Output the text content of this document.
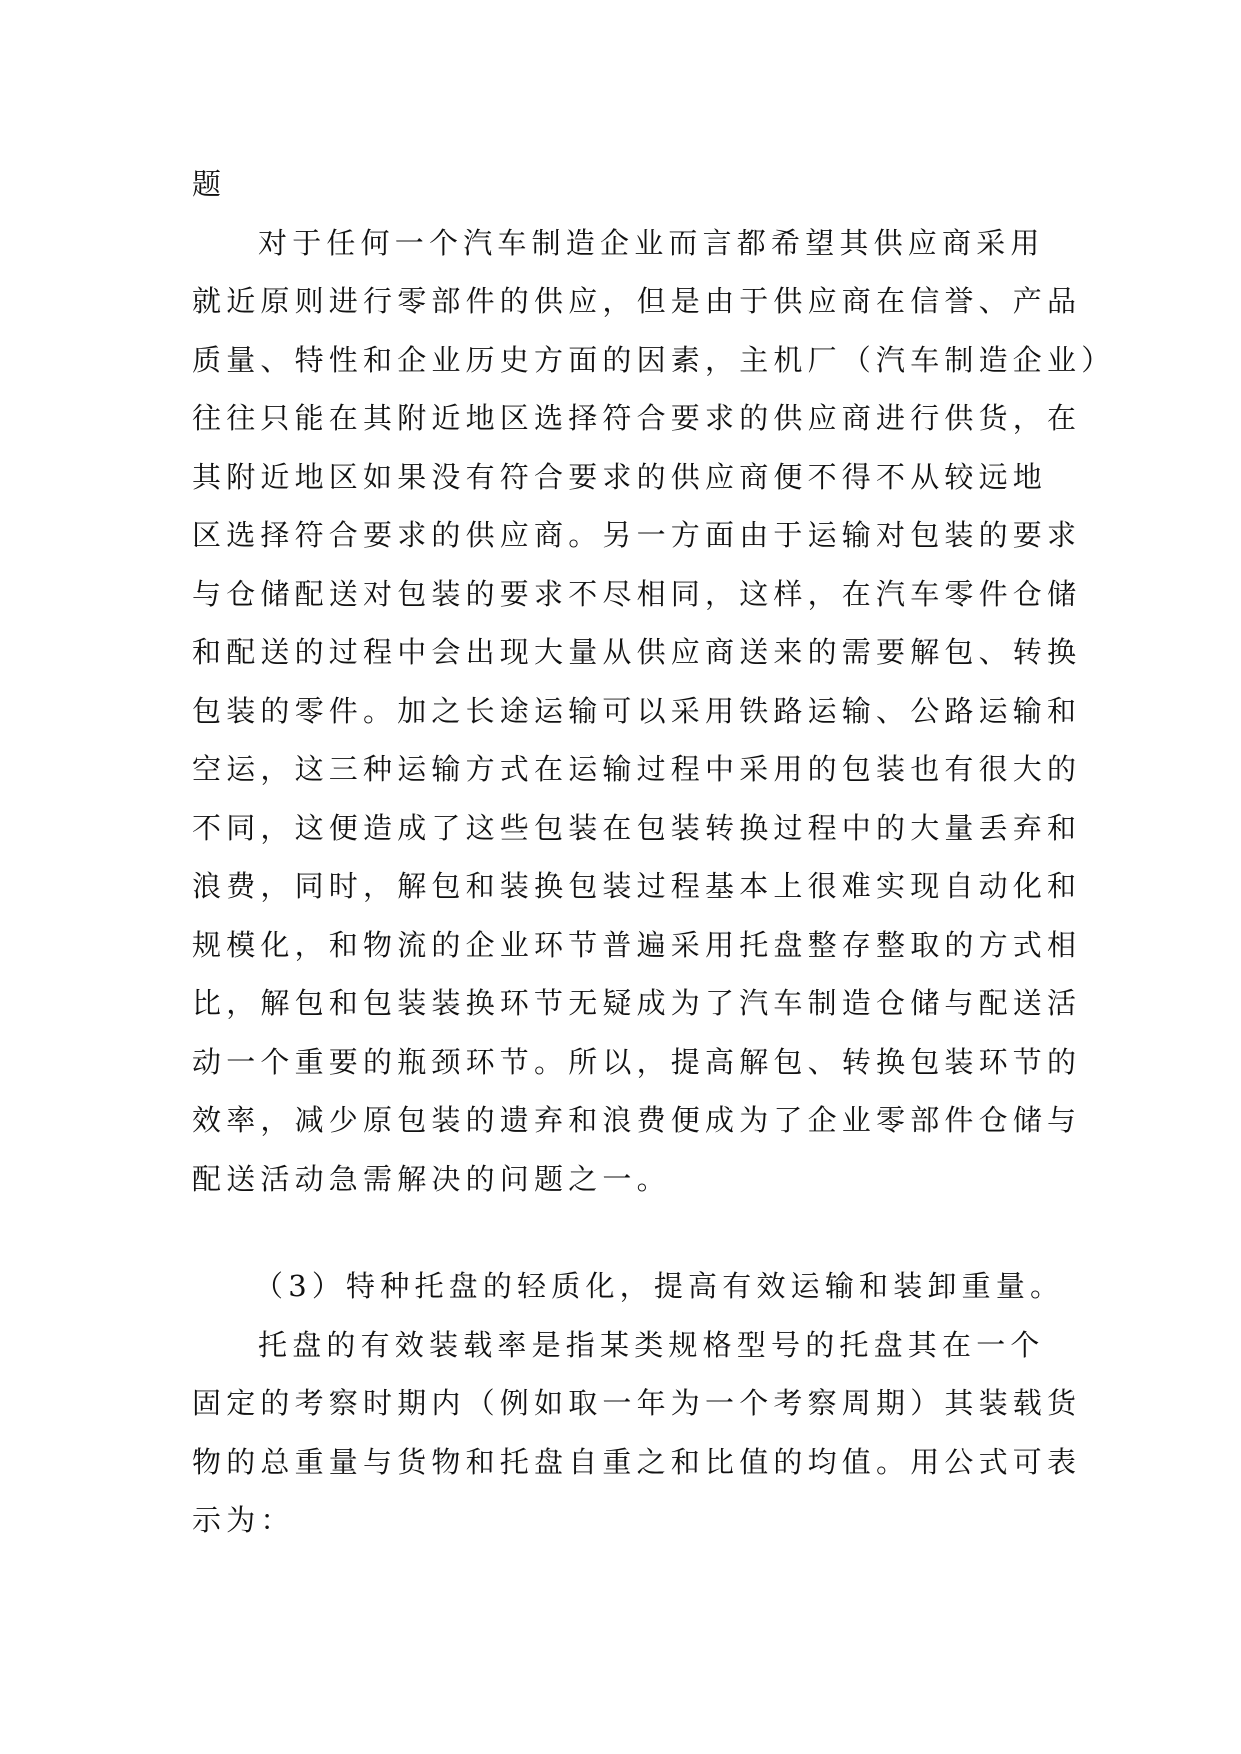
题
对于任何一个汽车制造企业而言都希望其供应商采用
就近原则进行零部件的供应，但是由于供应商在信誉、产品
质量、特性和企业历史方面的因素，主机厂（汽车制造企业）
往往只能在其附近地区选择符合要求的供应商进行供货，在
其附近地区如果没有符合要求的供应商便不得不从较远地
区选择符合要求的供应商。另一方面由于运输对包装的要求
与仓储配送对包装的要求不尽相同，这样，在汽车零件仓储
和配送的过程中会出现大量从供应商送来的需要解包、转换
包装的零件。加之长途运输可以采用铁路运输、公路运输和
空运，这三种运输方式在运输过程中采用的包装也有很大的
不同，这便造成了这些包装在包装转换过程中的大量丢弃和
浪费，同时，解包和装换包装过程基本上很难实现自动化和
规模化，和物流的企业环节普遍采用托盘整存整取的方式相
比，解包和包装装换环节无疑成为了汽车制造仓储与配送活
动一个重要的瓶颈环节。所以，提高解包、转换包装环节的
效率，减少原包装的遗弃和浪费便成为了企业零部件仓储与
配送活动急需解决的问题之一。
（3）特种托盘的轻质化，提高有效运输和装卸重量。
托盘的有效装载率是指某类规格型号的托盘其在一个
固定的考察时期内（例如取一年为一个考察周期）其装载货
物的总重量与货物和托盘自重之和比值的均值。用公式可表
示为：
